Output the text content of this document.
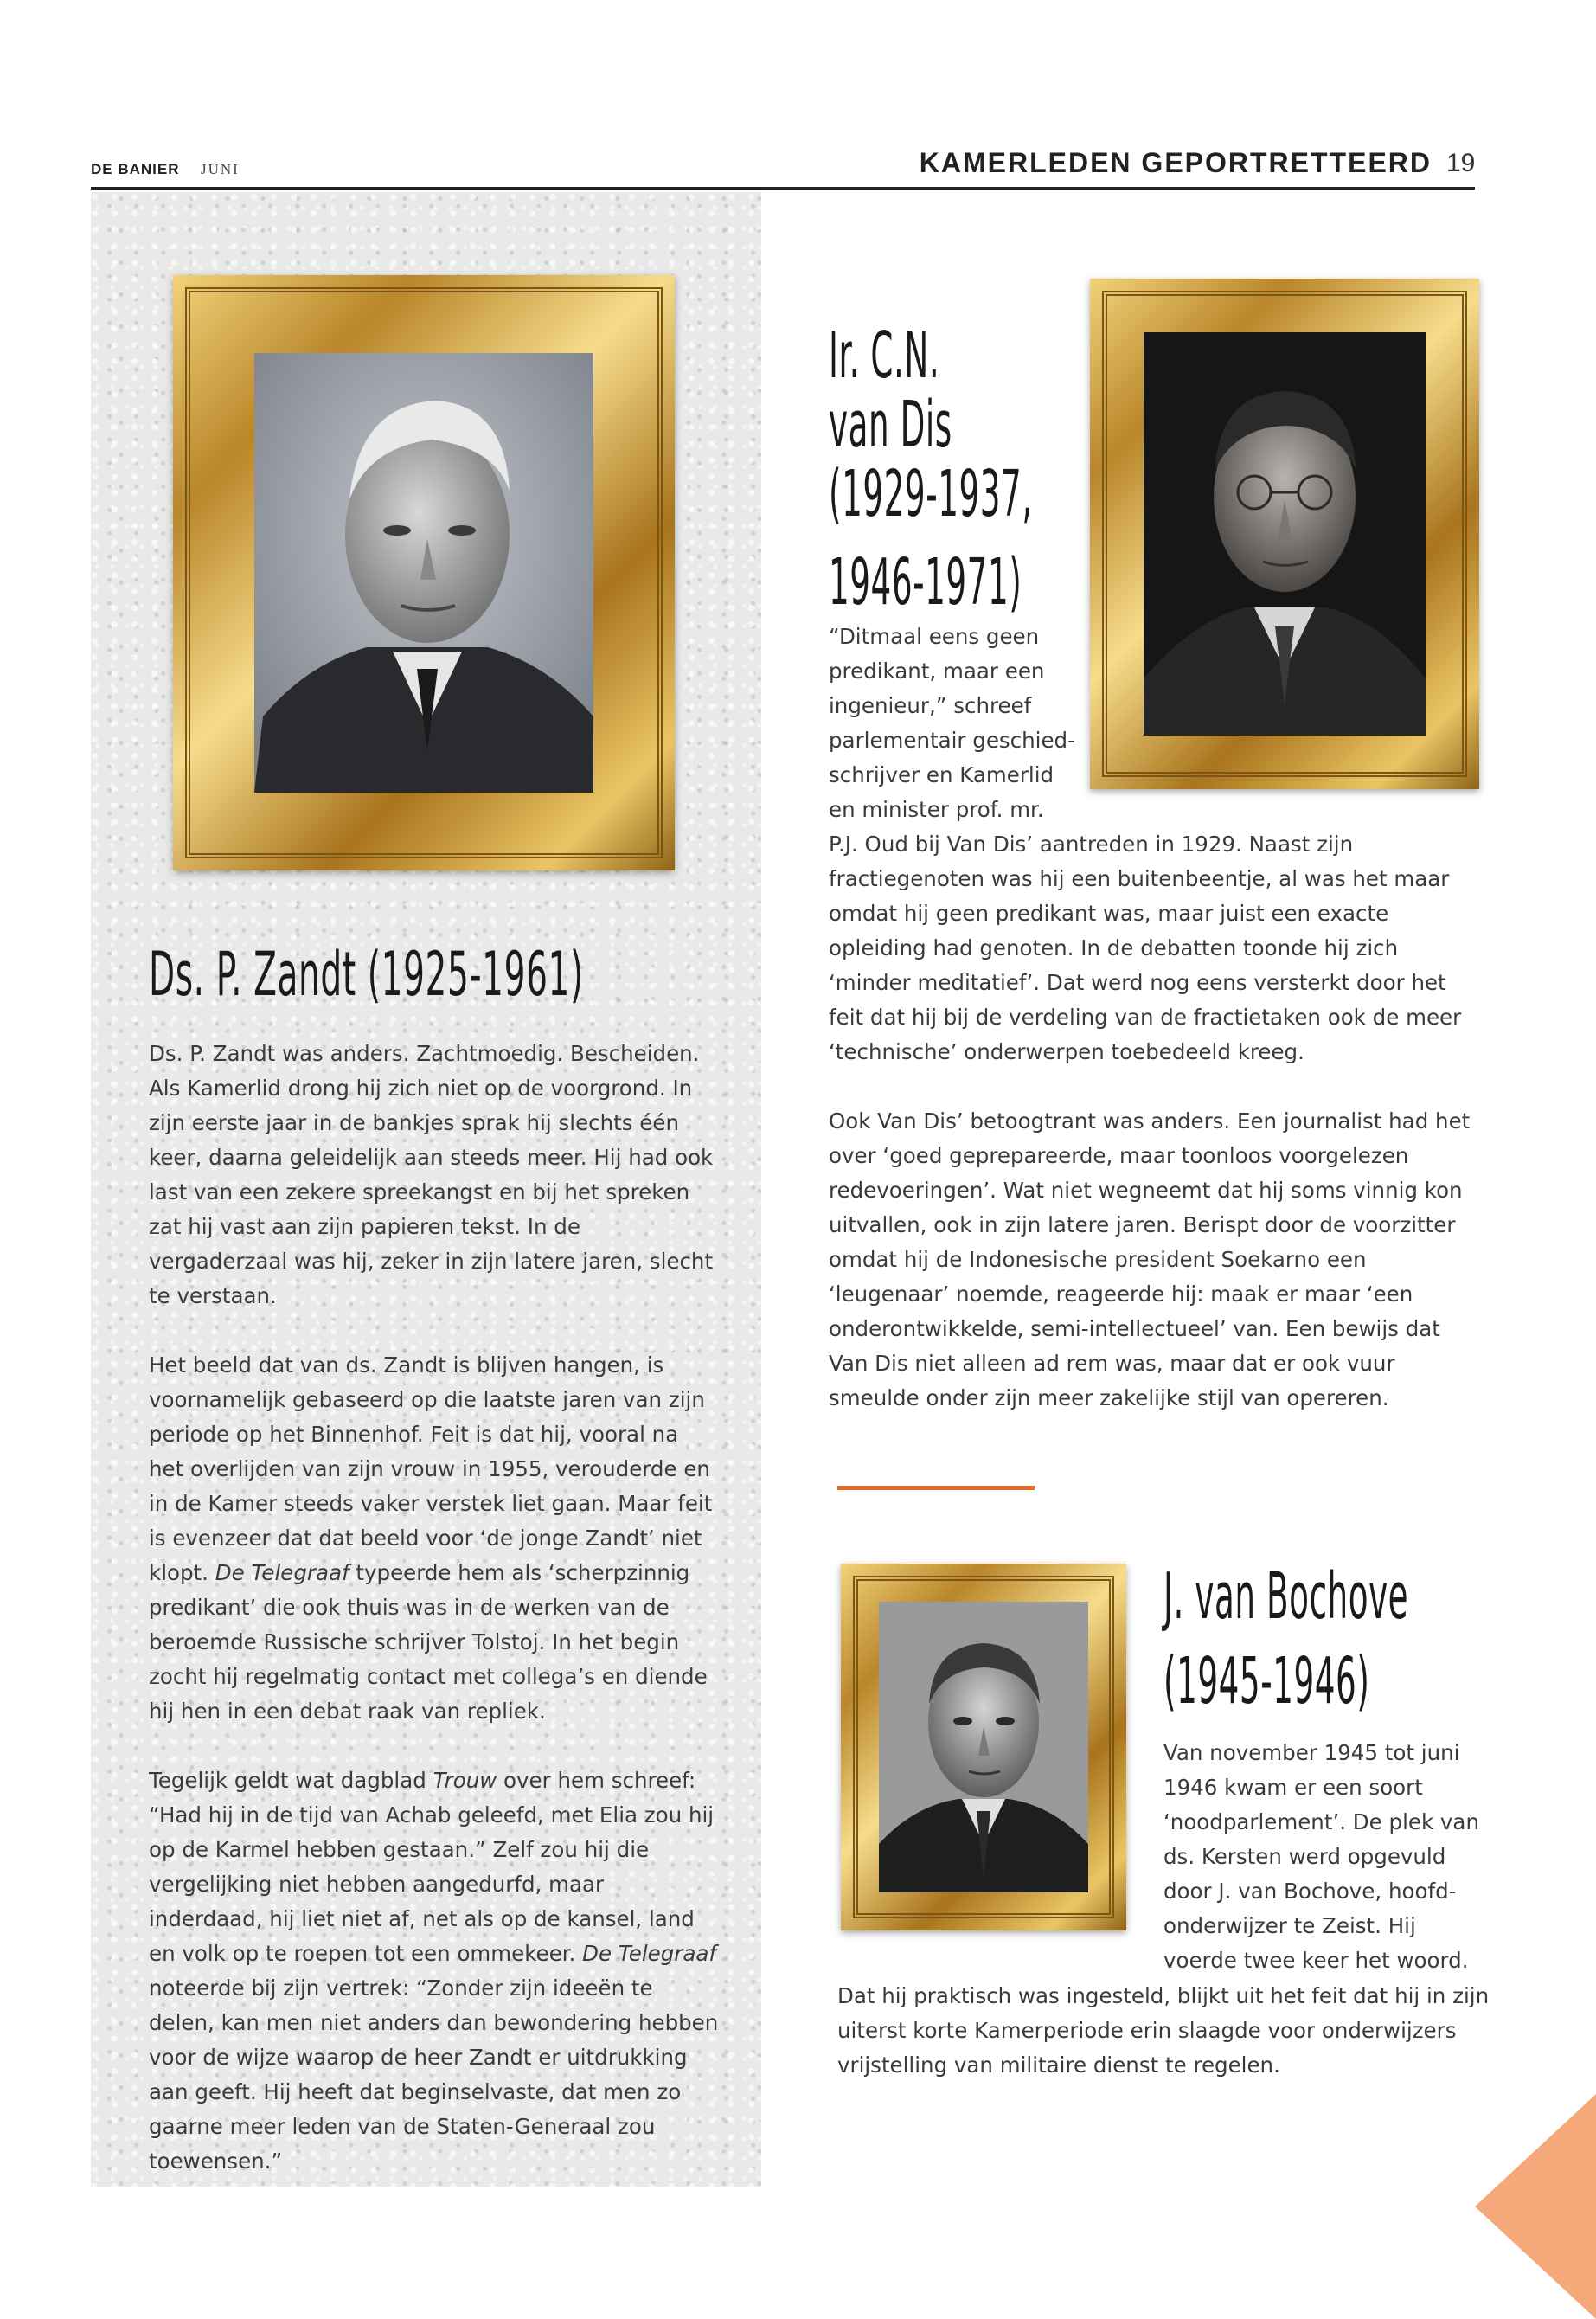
DE BANIER JUNI	KAMERLEDEN GEPORTRETTEERD 19
Ds. P. Zandt (1925-1961)

Ds. P. Zandt was anders. Zachtmoedig. Bescheiden. Als Kamerlid drong hij zich niet op de voorgrond. In zijn eerste jaar in de bankjes sprak hij slechts één keer, daarna geleidelijk aan steeds meer. Hij had ook last van een zekere spreekangst en bij het spreken zat hij vast aan zijn papieren tekst. In de vergaderzaal was hij, zeker in zijn latere jaren, slecht te verstaan.

Het beeld dat van ds. Zandt is blijven hangen, is voornamelijk gebaseerd op die laatste jaren van zijn periode op het Binnenhof. Feit is dat hij, vooral na het overlijden van zijn vrouw in 1955, verouderde en in de Kamer steeds vaker verstek liet gaan. Maar feit is evenzeer dat dat beeld voor ‘de jonge Zandt’ niet klopt. De Telegraaf typeerde hem als ‘scherpzinnig predikant’ die ook thuis was in de werken van de beroemde Russische schrijver Tolstoj. In het begin zocht hij regelmatig contact met collega’s en diende hij hen in een debat raak van repliek.

Tegelijk geldt wat dagblad Trouw over hem schreef: “Had hij in de tijd van Achab geleefd, met Elia zou hij op de Karmel hebben gestaan.” Zelf zou hij die vergelijking niet hebben aangedurfd, maar inderdaad, hij liet niet af, net als op de kansel, land en volk op te roepen tot een ommekeer. De Telegraaf noteerde bij zijn vertrek: “Zonder zijn ideeën te delen, kan men niet anders dan bewondering hebben voor de wijze waarop de heer Zandt er uitdrukking aan geeft. Hij heeft dat beginselvaste, dat men zo gaarne meer leden van de Staten-Generaal zou toewensen.”

Ir. C.N.
van Dis
(1929-1937,
1946-1971)
“Ditmaal eens geen
predikant, maar een
ingenieur,” schreef
parlementair geschied-
schrijver en Kamerlid
en minister prof. mr.

P.J. Oud bij Van Dis’ aantreden in 1929. Naast zijn fractiegenoten was hij een buitenbeentje, al was het maar omdat hij geen predikant was, maar juist een exacte opleiding had genoten. In de debatten toonde hij zich ‘minder meditatief’. Dat werd nog eens versterkt door het feit dat hij bij de verdeling van de fractietaken ook de meer ‘technische’ onderwerpen toebedeeld kreeg.

Ook Van Dis’ betoogtrant was anders. Een journalist had het over ‘goed geprepareerde, maar toonloos voorgelezen redevoeringen’. Wat niet wegneemt dat hij soms vinnig kon uitvallen, ook in zijn latere jaren. Berispt door de voorzitter omdat hij de Indonesische president Soekarno een ‘leugenaar’ noemde, reageerde hij: maak er maar ‘een onderontwikkelde, semi-intellectueel’ van. Een bewijs dat Van Dis niet alleen ad rem was, maar dat er ook vuur smeulde onder zijn meer zakelijke stijl van opereren.

J. van Bochove
(1945-1946)
Van november 1945 tot juni
1946 kwam er een soort
‘noodparlement’. De plek van
ds. Kersten werd opgevuld
door J. van Bochove, hoofd-
onderwijzer te Zeist. Hij
voerde twee keer het woord.

Dat hij praktisch was ingesteld, blijkt uit het feit dat hij in zijn uiterst korte Kamerperiode erin slaagde voor onderwijzers vrijstelling van militaire dienst te regelen.
